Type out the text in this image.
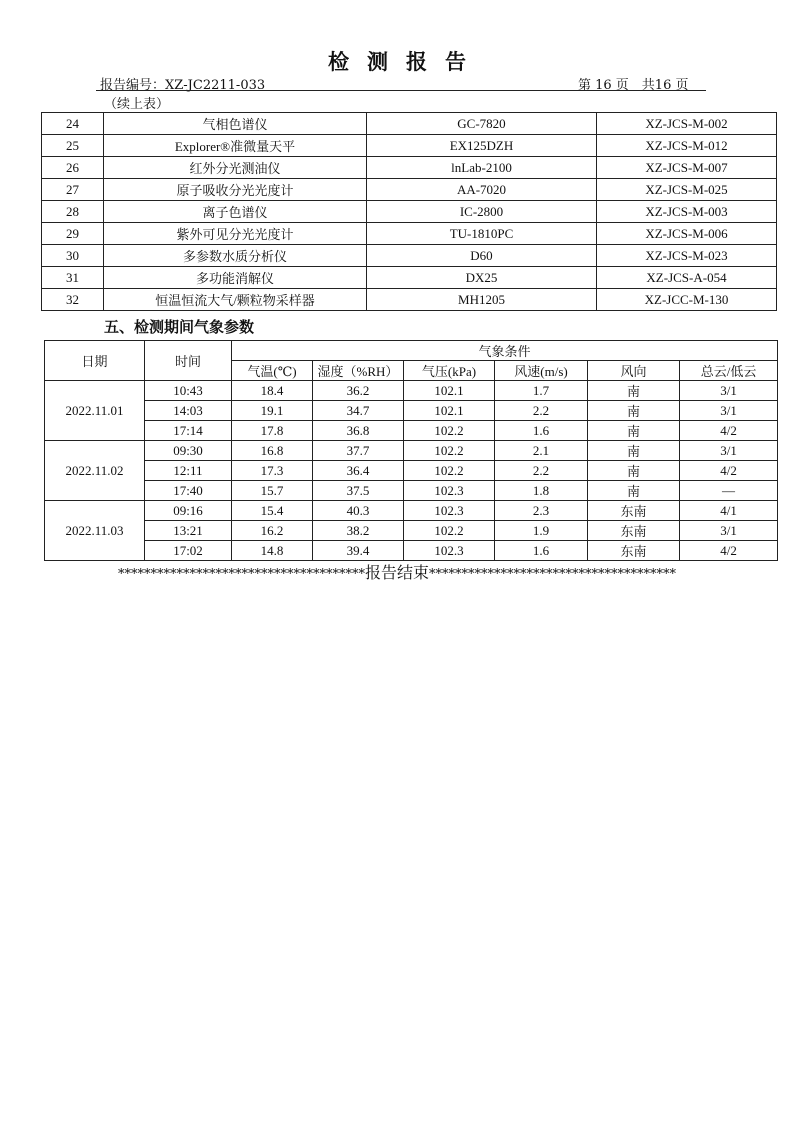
检测报告
报告编号：XZ-JC2211-033	第 16 页　共16 页
（续上表）
24	气相色谱仪	GC-7820	XZ-JCS-M-002
25	Explorer®准微量天平	EX125DZH	XZ-JCS-M-012
26	红外分光测油仪	lnLab-2100	XZ-JCS-M-007
27	原子吸收分光光度计	AA-7020	XZ-JCS-M-025
28	离子色谱仪	IC-2800	XZ-JCS-M-003
29	紫外可见分光光度计	TU-1810PC	XZ-JCS-M-006
30	多参数水质分析仪	D60	XZ-JCS-M-023
31	多功能消解仪	DX25	XZ-JCS-A-054
32	恒温恒流大气/颗粒物采样器	MH1205	XZ-JCC-M-130
五、检测期间气象参数
日期	时间	气象条件					
		气温(℃)	湿度（%RH）	气压(kPa)	风速(m/s)	风向	总云/低云
2022.11.01	10:43	18.4	36.2	102.1	1.7	南	3/1
	14:03	19.1	34.7	102.1	2.2	南	3/1
	17:14	17.8	36.8	102.2	1.6	南	4/2
2022.11.02	09:30	16.8	37.7	102.2	2.1	南	3/1
	12:11	17.3	36.4	102.2	2.2	南	4/2
	17:40	15.7	37.5	102.3	1.8	南	—
2022.11.03	09:16	15.4	40.3	102.3	2.3	东南	4/1
	13:21	16.2	38.2	102.2	1.9	东南	3/1
	17:02	14.8	39.4	102.3	1.6	东南	4/2
**************************************报告结束**************************************
